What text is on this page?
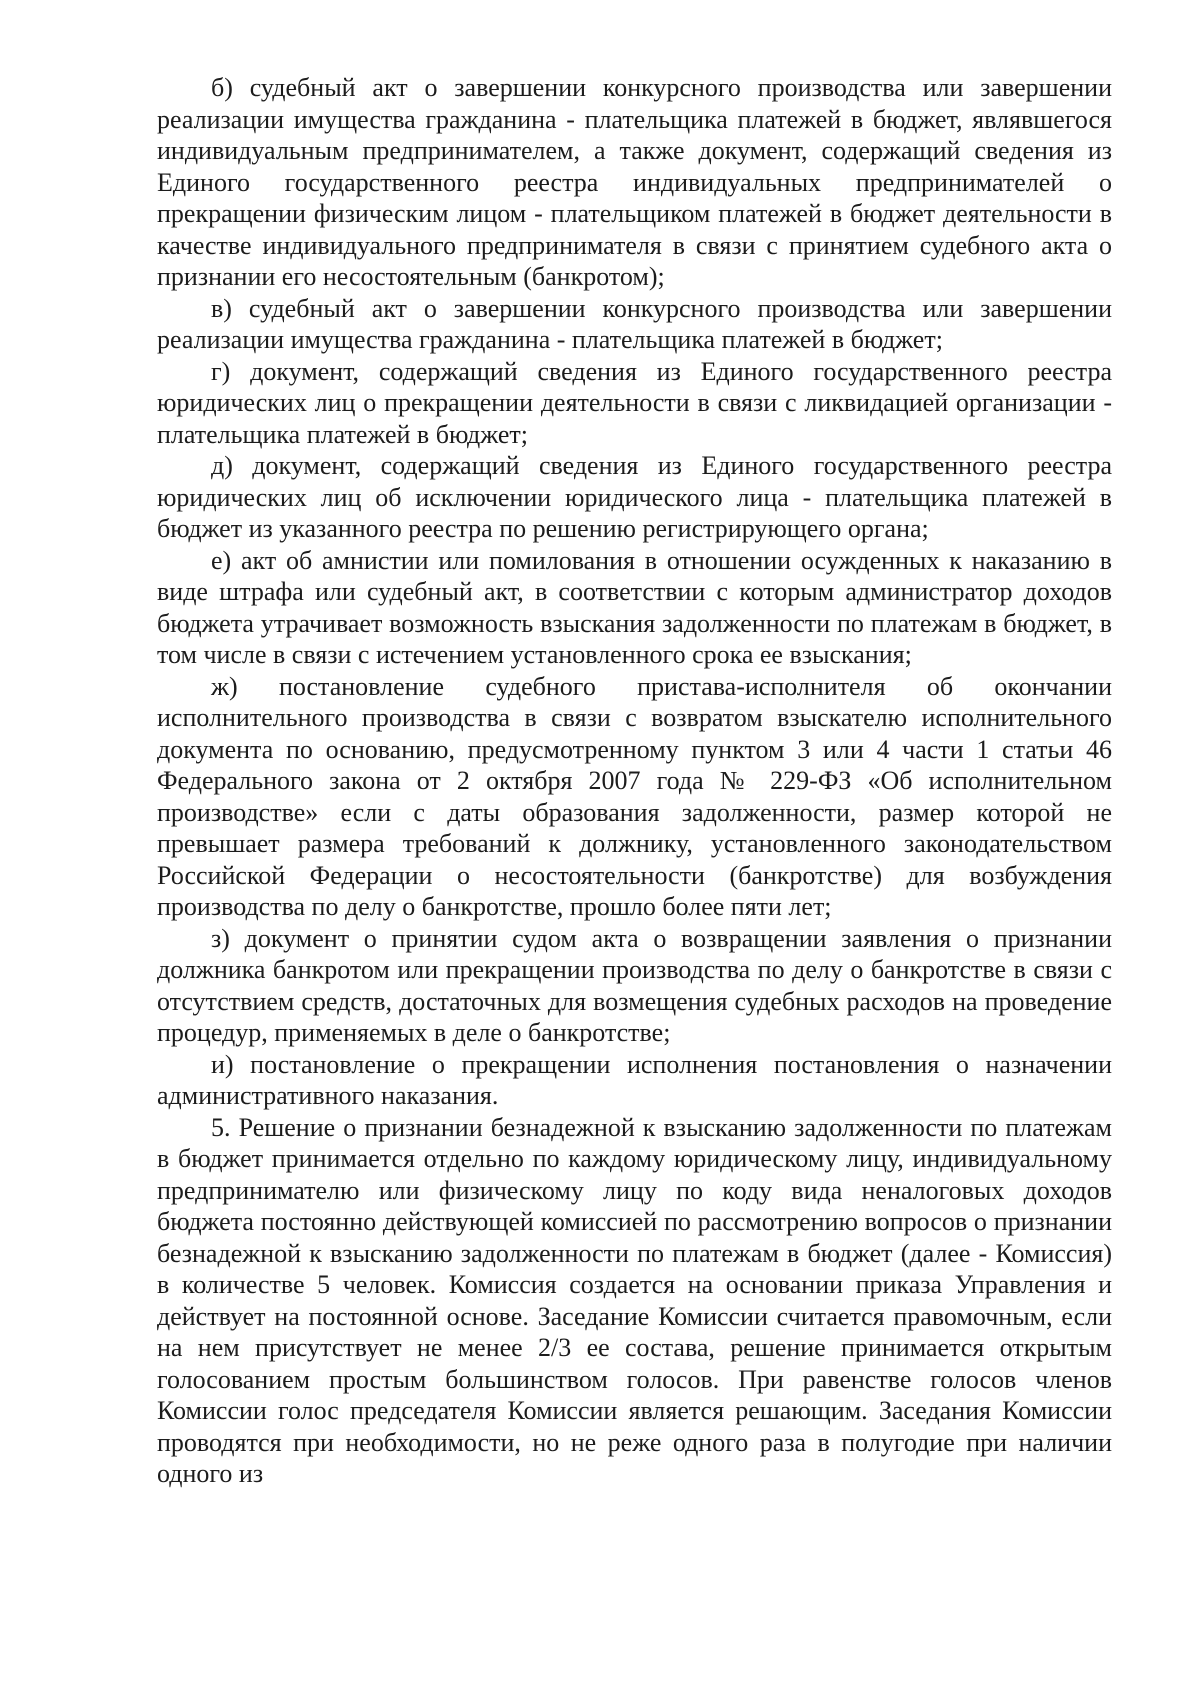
б) судебный акт о завершении конкурсного производства или завершении реализации имущества гражданина - плательщика платежей в бюджет, являвшегося индивидуальным предпринимателем, а также документ, содержащий сведения из Единого государственного реестра индивидуальных предпринимателей о прекращении физическим лицом - плательщиком платежей в бюджет деятельности в качестве индивидуального предпринимателя в связи с принятием судебного акта о признании его несостоятельным (банкротом);

в) судебный акт о завершении конкурсного производства или завершении реализации имущества гражданина - плательщика платежей в бюджет;

г) документ, содержащий сведения из Единого государственного реестра юридических лиц о прекращении деятельности в связи с ликвидацией организации - плательщика платежей в бюджет;

д) документ, содержащий сведения из Единого государственного реестра юридических лиц об исключении юридического лица - плательщика платежей в бюджет из указанного реестра по решению регистрирующего органа;

е) акт об амнистии или помилования в отношении осужденных к наказанию в виде штрафа или судебный акт, в соответствии с которым администратор доходов бюджета утрачивает возможность взыскания задолженности по платежам в бюджет, в том числе в связи с истечением установленного срока ее взыскания;

ж) постановление судебного пристава-исполнителя об окончании исполнительного производства в связи с возвратом взыскателю исполнительного документа по основанию, предусмотренному пунктом 3 или 4 части 1 статьи 46 Федерального закона от 2 октября 2007 года № 229-ФЗ «Об исполнительном производстве» если с даты образования задолженности, размер которой не превышает размера требований к должнику, установленного законодательством Российской Федерации о несостоятельности (банкротстве) для возбуждения производства по делу о банкротстве, прошло более пяти лет;

з) документ о принятии судом акта о возвращении заявления о признании должника банкротом или прекращении производства по делу о банкротстве в связи с отсутствием средств, достаточных для возмещения судебных расходов на проведение процедур, применяемых в деле о банкротстве;

и) постановление о прекращении исполнения постановления о назначении административного наказания.

5. Решение о признании безнадежной к взысканию задолженности по платежам в бюджет принимается отдельно по каждому юридическому лицу, индивидуальному предпринимателю или физическому лицу по коду вида неналоговых доходов бюджета постоянно действующей комиссией по рассмотрению вопросов о признании безнадежной к взысканию задолженности по платежам в бюджет (далее - Комиссия) в количестве 5 человек. Комиссия создается на основании приказа Управления и действует на постоянной основе. Заседание Комиссии считается правомочным, если на нем присутствует не менее 2/3 ее состава, решение принимается открытым голосованием простым большинством голосов. При равенстве голосов членов Комиссии голос председателя Комиссии является решающим. Заседания Комиссии проводятся при необходимости, но не реже одного раза в полугодие при наличии одного из
